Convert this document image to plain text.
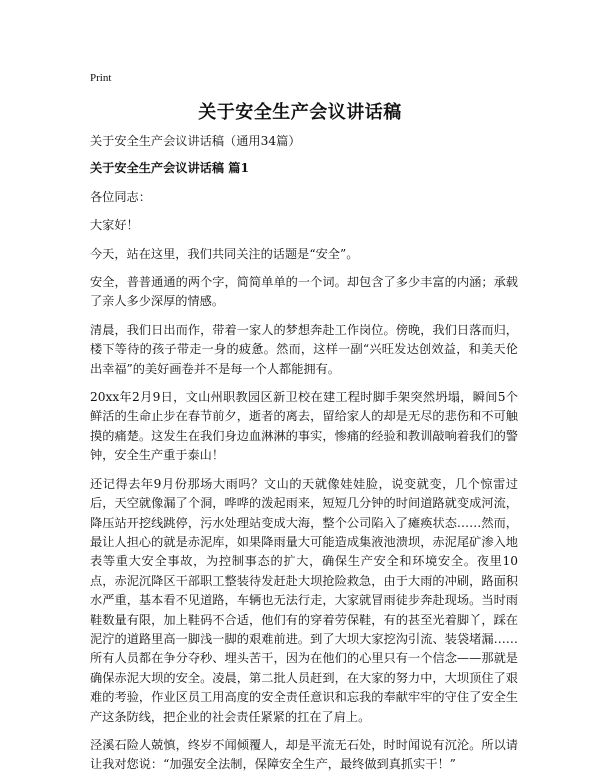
Print
关于安全生产会议讲话稿

关于安全生产会议讲话稿（通用34篇）

关于安全生产会议讲话稿 篇1

各位同志：

大家好！

今天，站在这里，我们共同关注的话题是“安全”。

安全，普普通通的两个字，简简单单的一个词。却包含了多少丰富的内涵；承载了亲人多少深厚的情感。

清晨，我们日出而作，带着一家人的梦想奔赴工作岗位。傍晚，我们日落而归，楼下等待的孩子带走一身的疲惫。然而，这样一副“兴旺发达创效益，和美天伦出幸福”的美好画卷并不是每一个人都能拥有。

20xx年2月9日，文山州职教园区新卫校在建工程时脚手架突然坍塌，瞬间5个鲜活的生命止步在春节前夕，逝者的离去，留给家人的却是无尽的悲伤和不可触摸的痛楚。这发生在我们身边血淋淋的事实，惨痛的经验和教训敲响着我们的警钟，安全生产重于泰山！

还记得去年9月份那场大雨吗？文山的天就像娃娃脸，说变就变，几个惊雷过后，天空就像漏了个洞，哗哗的泼起雨来，短短几分钟的时间道路就变成河流，降压站开挖线跳停，污水处理站变成大海，整个公司陷入了瘫痪状态……然而，最让人担心的就是赤泥库，如果降雨量大可能造成集液池溃坝，赤泥尾矿渗入地表等重大安全事故，为控制事态的扩大，确保生产安全和环境安全。夜里10点，赤泥沉降区干部职工整装待发赶赴大坝抢险救急，由于大雨的冲刷，路面积水严重，基本看不见道路，车辆也无法行走，大家就冒雨徒步奔赴现场。当时雨鞋数量有限，加上鞋码不合适，他们有的穿着劳保鞋，有的甚至光着脚丫，踩在泥泞的道路里高一脚浅一脚的艰难前进。到了大坝大家挖沟引流、装袋堵漏……所有人员都在争分夺秒、埋头苦干，因为在他们的心里只有一个信念——那就是确保赤泥大坝的安全。凌晨，第二批人员赶到，在大家的努力中，大坝顶住了艰难的考验，作业区员工用高度的安全责任意识和忘我的奉献牢牢的守住了安全生产这条防线，把企业的社会责任紧紧的扛在了肩上。

泾溪石险人兢慎，终岁不闻倾覆人，却是平流无石处，时时闻说有沉沦。所以请让我对您说：“加强安全法制，保障安全生产，最终做到真抓实干！”
